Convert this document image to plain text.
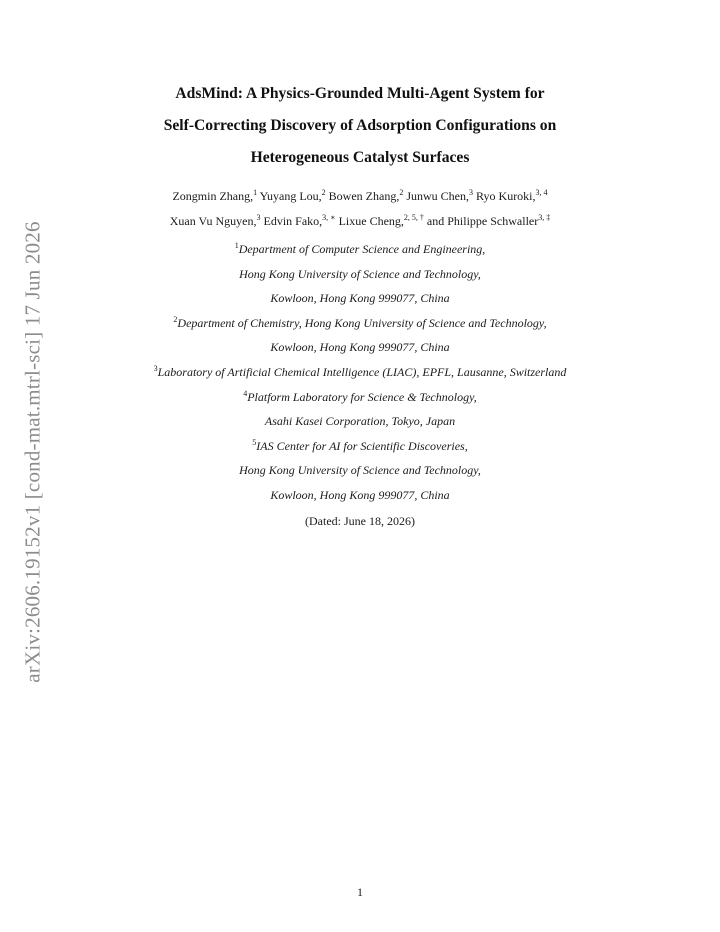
arXiv:2606.19152v1 [cond-mat.mtrl-sci] 17 Jun 2026
AdsMind: A Physics-Grounded Multi-Agent System for
Self-Correcting Discovery of Adsorption Configurations on
Heterogeneous Catalyst Surfaces
Zongmin Zhang,$^1$ Yuyang Lou,$^2$ Bowen Zhang,$^2$ Junwu Chen,$^3$ Ryo Kuroki,$^{3, 4}$
Xuan Vu Nguyen,$^3$ Edvin Fako,$^{3, ∗}$ Lixue Cheng,$^{2, 5, \dagger}$ and Philippe Schwaller$^{3, \ddagger}$
$^1$Department of Computer Science and Engineering,
Hong Kong University of Science and Technology,
Kowloon, Hong Kong 999077, China
$^2$Department of Chemistry, Hong Kong University of Science and Technology,
Kowloon, Hong Kong 999077, China
$^3$Laboratory of Artificial Chemical Intelligence (LIAC), EPFL, Lausanne, Switzerland
$^4$Platform Laboratory for Science & Technology,
Asahi Kasei Corporation, Tokyo, Japan
$^5$IAS Center for AI for Scientific Discoveries,
Hong Kong University of Science and Technology,
Kowloon, Hong Kong 999077, China
(Dated: June 18, 2026)
1
